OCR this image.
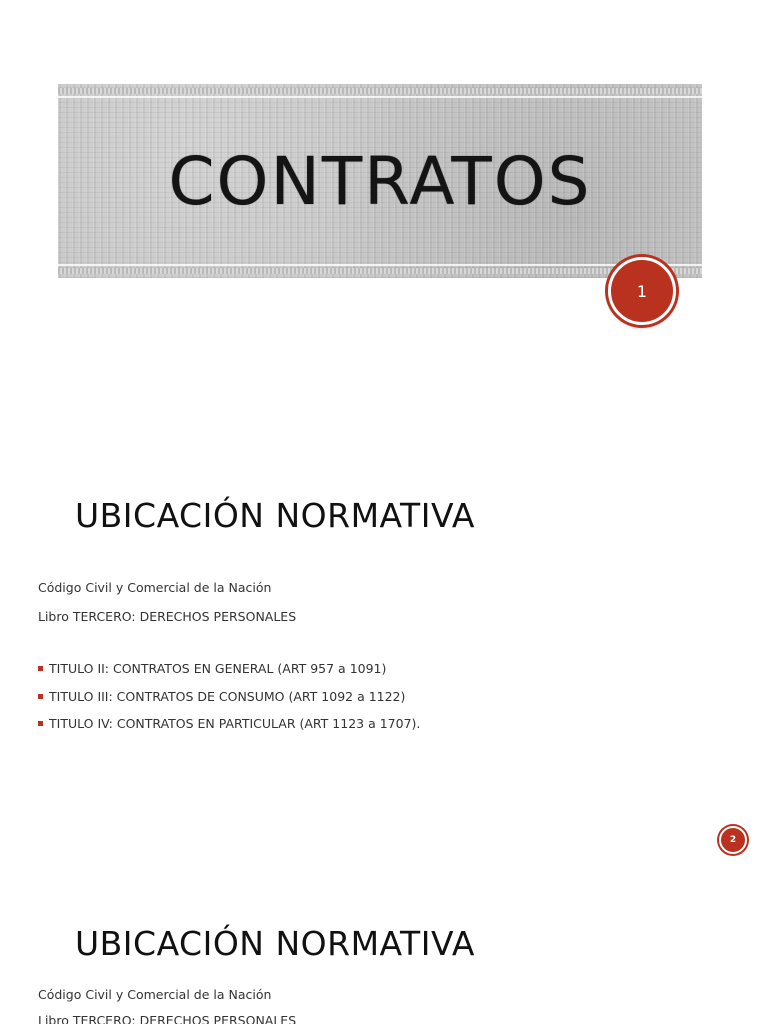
CONTRATOS
1
UBICACIÓN NORMATIVA
Código Civil y Comercial de la Nación
Libro TERCERO: DERECHOS PERSONALES
TITULO II: CONTRATOS EN GENERAL (ART 957 a 1091)
TITULO III: CONTRATOS DE CONSUMO (ART 1092 a 1122)
TITULO IV: CONTRATOS EN PARTICULAR (ART 1123 a 1707).
2
UBICACIÓN NORMATIVA
Código Civil y Comercial de la Nación
Libro TERCERO: DERECHOS PERSONALES
